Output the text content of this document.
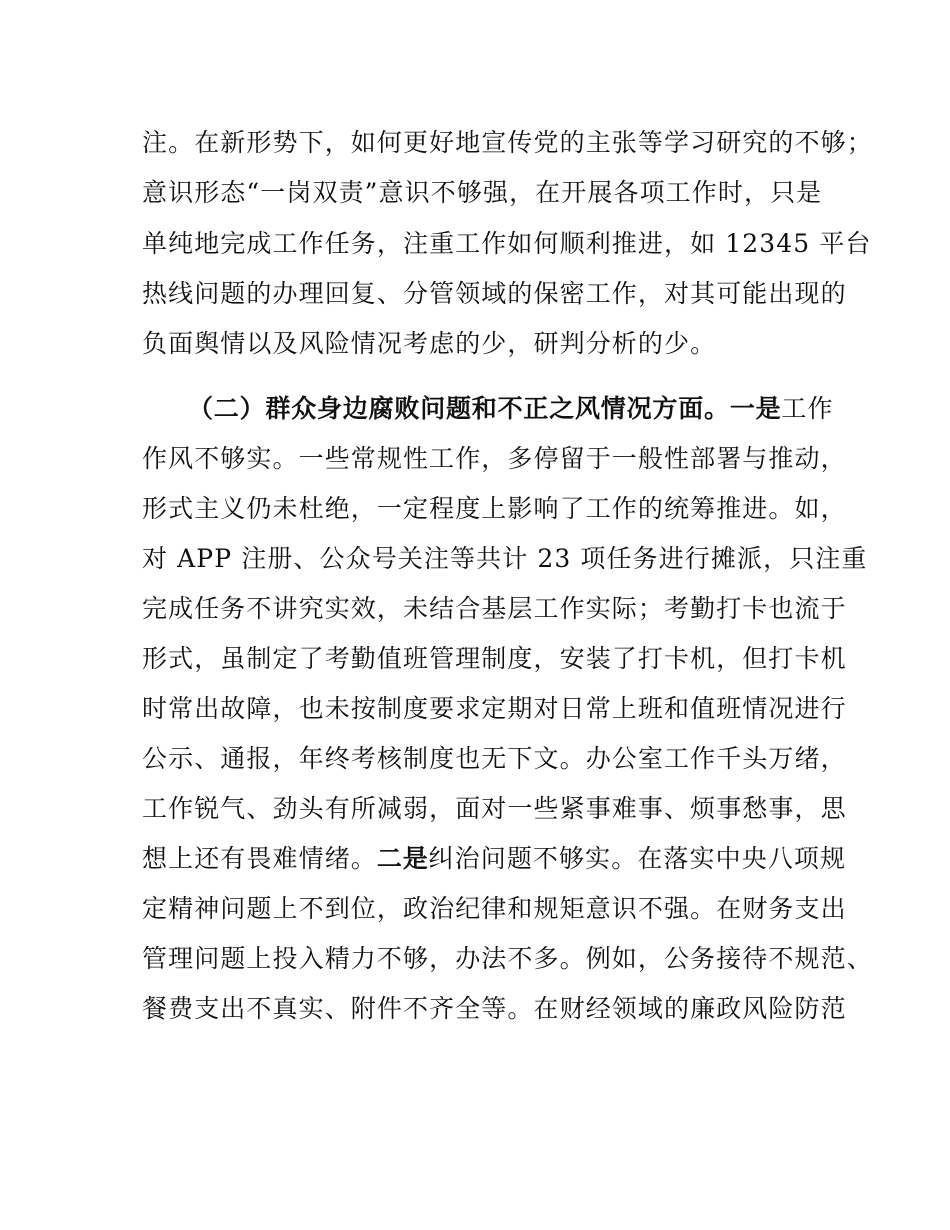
注。在新形势下，如何更好地宣传党的主张等学习研究的不够；
意识形态“一岗双责”意识不够强，在开展各项工作时，只是
单纯地完成工作任务，注重工作如何顺利推进，如 12345 平台
热线问题的办理回复、分管领域的保密工作，对其可能出现的
负面舆情以及风险情况考虑的少，研判分析的少。
（二）群众身边腐败问题和不正之风情况方面。一是工作
作风不够实。一些常规性工作，多停留于一般性部署与推动，
形式主义仍未杜绝，一定程度上影响了工作的统筹推进。如，
对 APP 注册、公众号关注等共计 23 项任务进行摊派，只注重
完成任务不讲究实效，未结合基层工作实际；考勤打卡也流于
形式，虽制定了考勤值班管理制度，安装了打卡机，但打卡机
时常出故障，也未按制度要求定期对日常上班和值班情况进行
公示、通报，年终考核制度也无下文。办公室工作千头万绪，
工作锐气、劲头有所减弱，面对一些紧事难事、烦事愁事，思
想上还有畏难情绪。二是纠治问题不够实。在落实中央八项规
定精神问题上不到位，政治纪律和规矩意识不强。在财务支出
管理问题上投入精力不够，办法不多。例如，公务接待不规范、
餐费支出不真实、附件不齐全等。在财经领域的廉政风险防范
